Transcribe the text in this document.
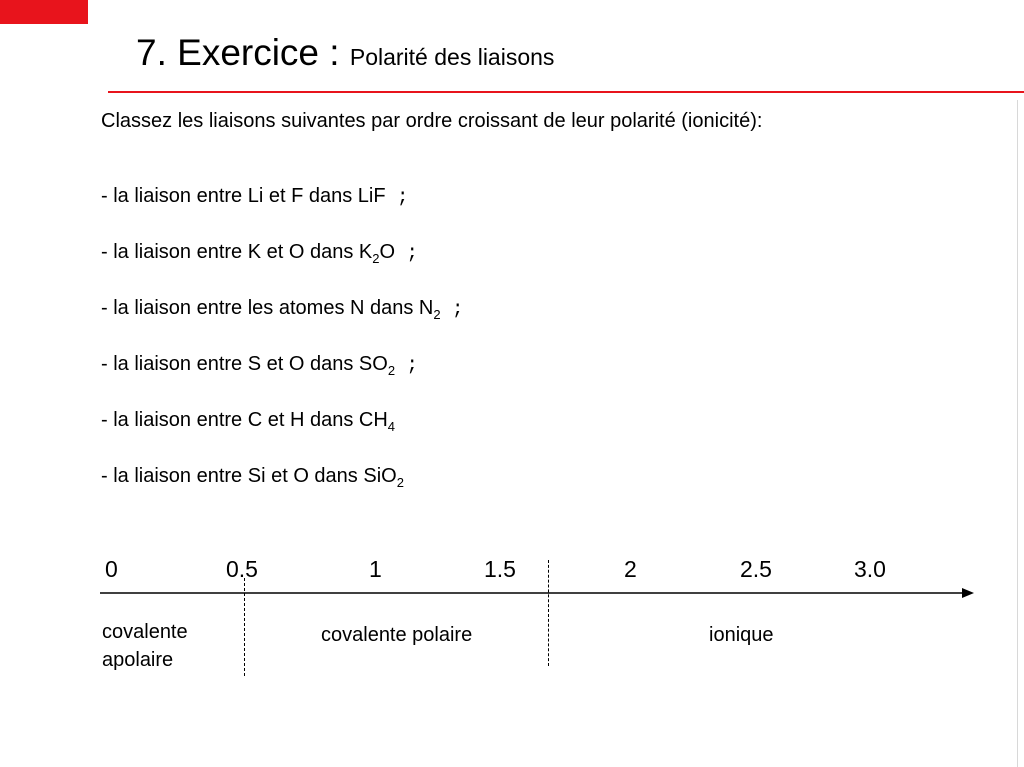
7. Exercice : Polarité des liaisons
Classez les liaisons suivantes par ordre croissant de leur polarité (ionicité):
- la liaison entre Li et F dans LiF ;
- la liaison entre K et O dans $K_2O$ ;
- la liaison entre les atomes N dans $N_2$ ;
- la liaison entre S et O dans $SO_2$ ;
- la liaison entre C et H dans $CH_4$
- la liaison entre Si et O dans SiO$_2$
0	0.5	1	1.5	2	2.5	3.0
covalente apolaire
covalente polaire	ionique
